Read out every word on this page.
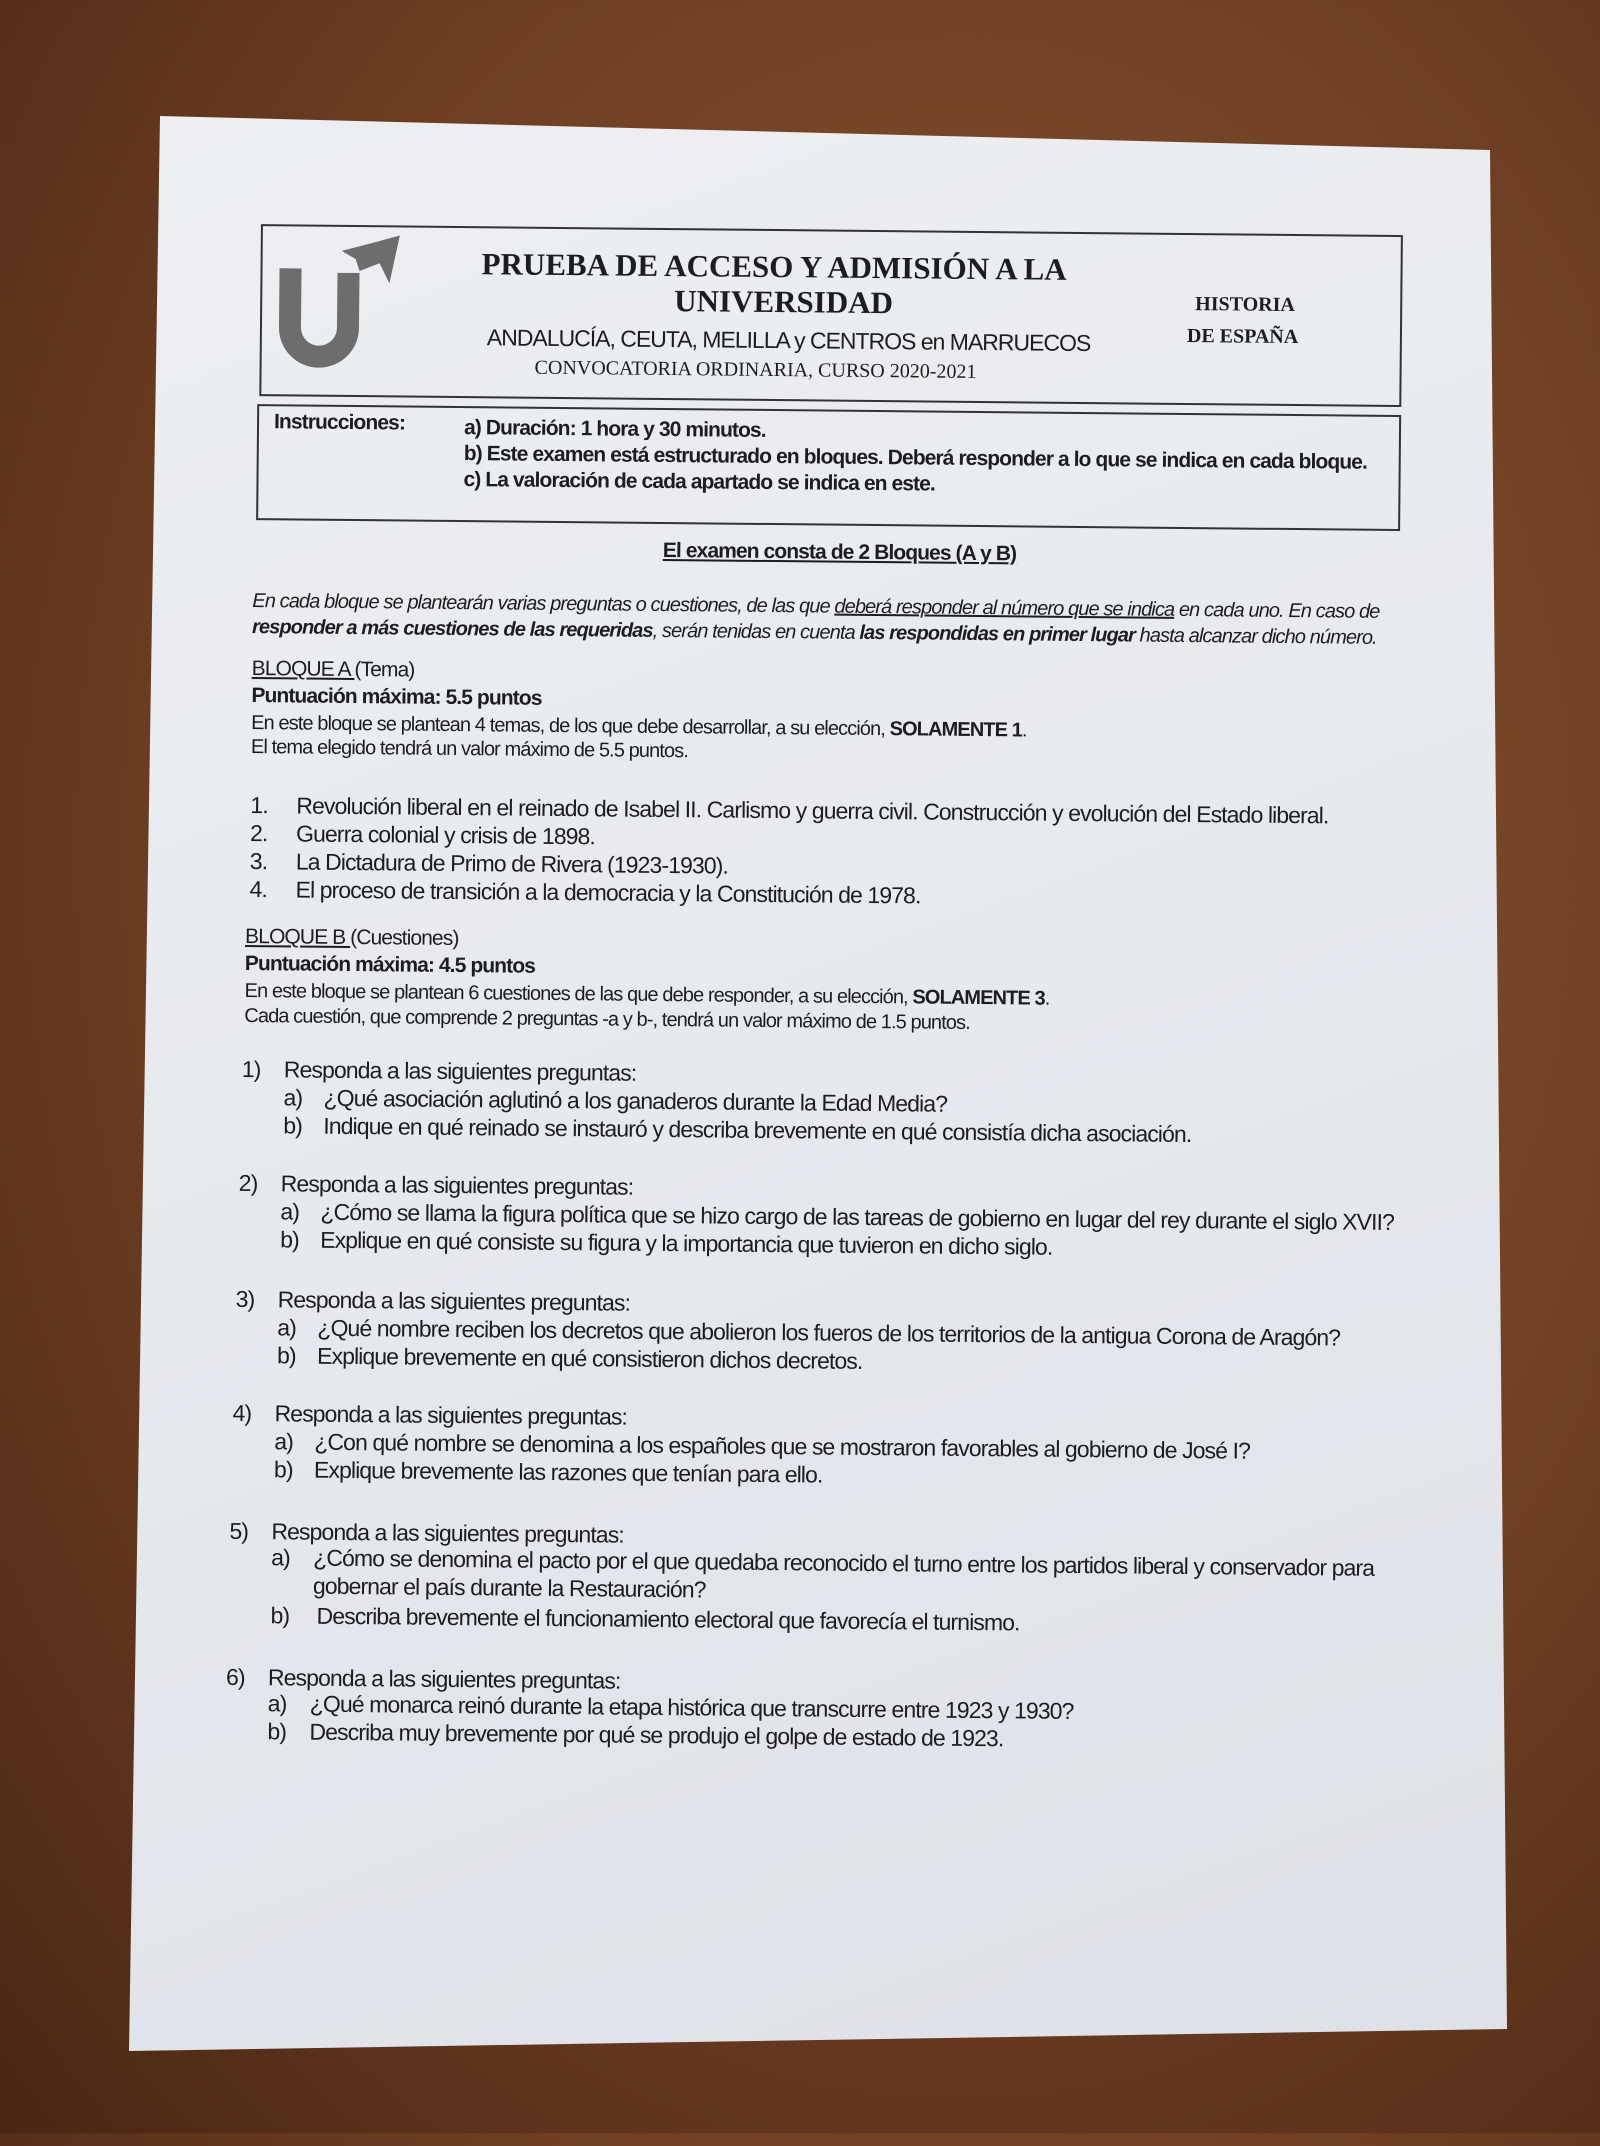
PRUEBA DE ACCESO Y ADMISIÓN A LA
UNIVERSIDAD
ANDALUCÍA, CEUTA, MELILLA y CENTROS en MARRUECOS
CONVOCATORIA ORDINARIA, CURSO 2020-2021
HISTORIA
DE ESPAÑA
Instrucciones:	a) Duración: 1 hora y 30 minutos.
b) Este examen está estructurado en bloques. Deberá responder a lo que se indica en cada bloque.
c) La valoración de cada apartado se indica en este.
El examen consta de 2 Bloques (A y B)
En cada bloque se plantearán varias preguntas o cuestiones, de las que deberá responder al número que se indica en cada uno. En caso de
responder a más cuestiones de las requeridas, serán tenidas en cuenta las respondidas en primer lugar hasta alcanzar dicho número.
BLOQUE A (Tema)
Puntuación máxima: 5.5 puntos
En este bloque se plantean 4 temas, de los que debe desarrollar, a su elección, SOLAMENTE 1.
El tema elegido tendrá un valor máximo de 5.5 puntos.
1. Revolución liberal en el reinado de Isabel II. Carlismo y guerra civil. Construcción y evolución del Estado liberal.
2. Guerra colonial y crisis de 1898.
3. La Dictadura de Primo de Rivera (1923-1930).
4. El proceso de transición a la democracia y la Constitución de 1978.
BLOQUE B (Cuestiones)
Puntuación máxima: 4.5 puntos
En este bloque se plantean 6 cuestiones de las que debe responder, a su elección, SOLAMENTE 3.
Cada cuestión, que comprende 2 preguntas -a y b-, tendrá un valor máximo de 1.5 puntos.
1) Responda a las siguientes preguntas:
a) ¿Qué asociación aglutinó a los ganaderos durante la Edad Media?
b) Indique en qué reinado se instauró y describa brevemente en qué consistía dicha asociación.
2) Responda a las siguientes preguntas:
a) ¿Cómo se llama la figura política que se hizo cargo de las tareas de gobierno en lugar del rey durante el siglo XVII?
b) Explique en qué consiste su figura y la importancia que tuvieron en dicho siglo.
3) Responda a las siguientes preguntas:
a) ¿Qué nombre reciben los decretos que abolieron los fueros de los territorios de la antigua Corona de Aragón?
b) Explique brevemente en qué consistieron dichos decretos.
4) Responda a las siguientes preguntas:
a) ¿Con qué nombre se denomina a los españoles que se mostraron favorables al gobierno de José I?
b) Explique brevemente las razones que tenían para ello.
5) Responda a las siguientes preguntas:
a) ¿Cómo se denomina el pacto por el que quedaba reconocido el turno entre los partidos liberal y conservador para
gobernar el país durante la Restauración?
b) Describa brevemente el funcionamiento electoral que favorecía el turnismo.
6) Responda a las siguientes preguntas:
a) ¿Qué monarca reinó durante la etapa histórica que transcurre entre 1923 y 1930?
b) Describa muy brevemente por qué se produjo el golpe de estado de 1923.
